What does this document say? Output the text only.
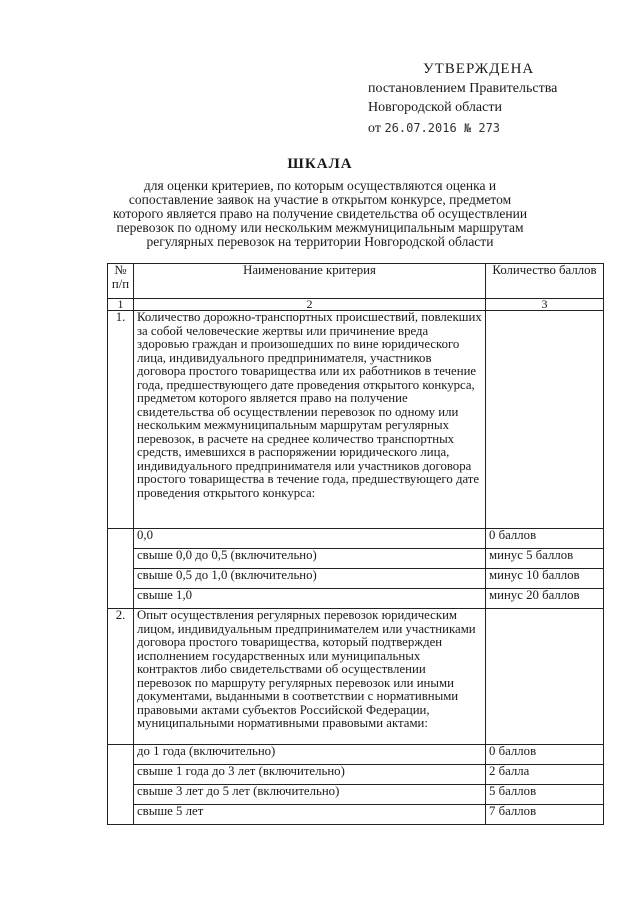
УТВЕРЖДЕНА
постановлением Правительства
Новгородской области
от 26.07.2016 № 273
ШКАЛА
для оценки критериев, по которым осуществляются оценка и сопоставление заявок на участие в открытом конкурсе, предметом которого является право на получение свидетельства об осуществлении перевозок по одному или нескольким межмуниципальным маршрутам регулярных перевозок на территории Новгородской области
№ п/п	Наименование критерия	Количество баллов
1	2	3
1.	Количество дорожно-транспортных происшествий, повлекших за собой человеческие жертвы или причинение вреда здоровью граждан и произошедших по вине юридического лица, индивидуального предпринимателя, участников договора простого товарищества или их работников в течение года, предшествующего дате проведения открытого конкурса, предметом которого является право на получение свидетельства об осуществлении перевозок по одному или нескольким межмуниципальным маршрутам регулярных перевозок, в расчете на среднее количество транспортных средств, имевшихся в распоряжении юридического лица, индивидуального предпринимателя или участников договора простого товарищества в течение года, предшествующего дате проведения открытого конкурса:	
	0,0	0 баллов
	свыше 0,0 до 0,5 (включительно)	минус 5 баллов
	свыше 0,5 до 1,0 (включительно)	минус 10 баллов
	свыше 1,0	минус 20 баллов
2.	Опыт осуществления регулярных перевозок юридическим лицом, индивидуальным предпринимателем или участниками договора простого товарищества, который подтвержден исполнением государственных или муниципальных контрактов либо свидетельствами об осуществлении перевозок по маршруту регулярных перевозок или иными документами, выданными в соответствии с нормативными правовыми актами субъектов Российской Федерации, муниципальными нормативными правовыми актами:	
	до 1 года (включительно)	0 баллов
	свыше 1 года до 3 лет (включительно)	2 балла
	свыше 3 лет до 5 лет (включительно)	5 баллов
	свыше 5 лет	7 баллов
